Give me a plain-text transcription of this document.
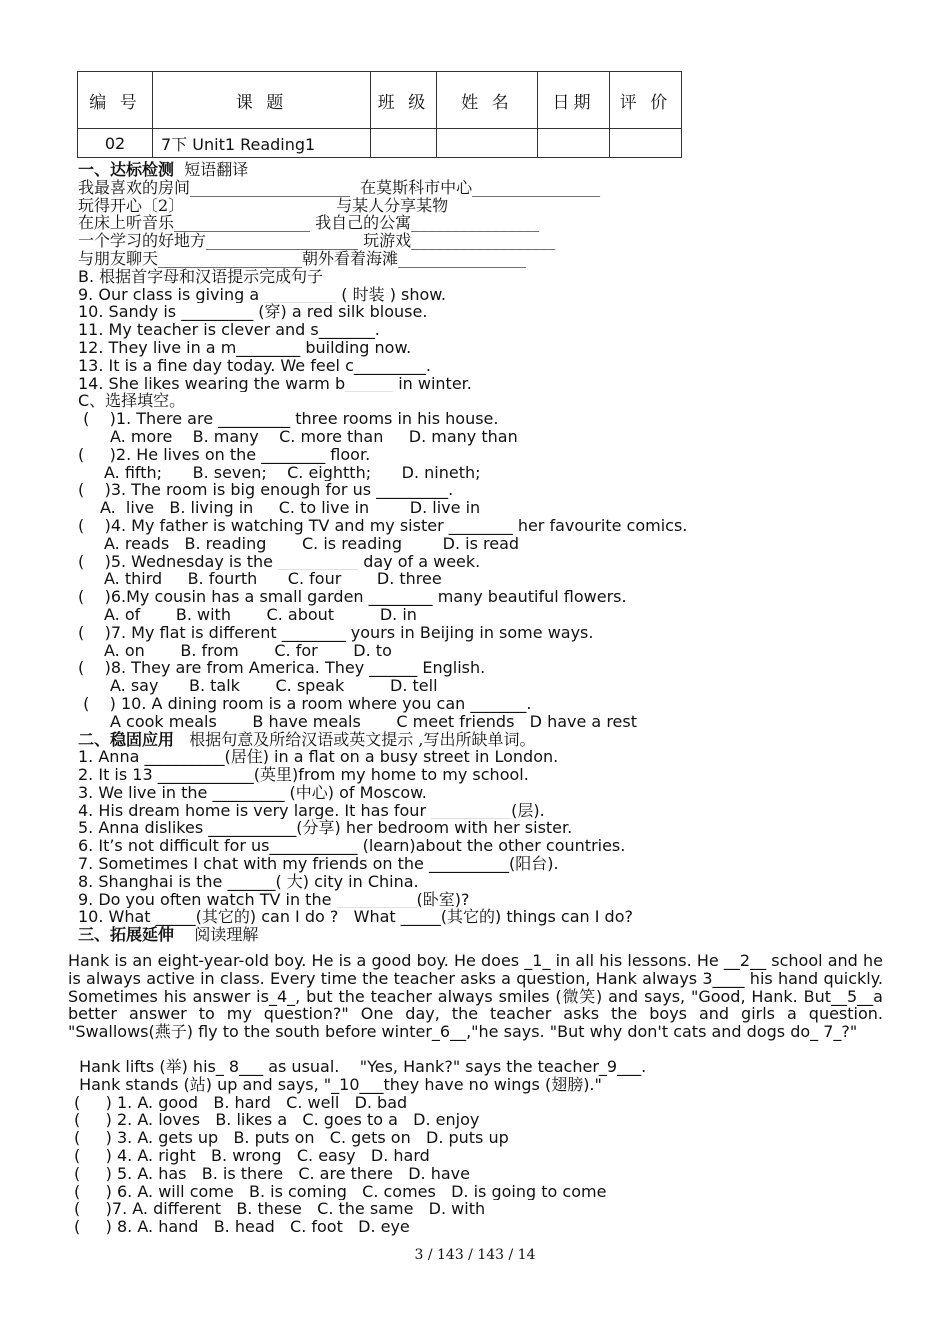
编 号	课 题	班 级	姓 名	日期	评 价
02	7下 Unit1 Reading1				
一、达标检测 短语翻译
我最喜欢的房间____________________  在莫斯科市中心________________
玩得开心〔2〕___________________与某人分享某物________________
在床上听音乐_________________ 我自己的公寓________________
一个学习的好地方___________________ 玩游戏__________________
与朋友聊天__________________朝外看着海滩________________
B. 根据首字母和汉语提示完成句子
9. Our class is giving a _________ ( 时装 ) show.
10. Sandy is _________ (穿) a red silk blouse.
11. My teacher is clever and s_______.
12. They live in a m________ building now.
13. It is a fine day today. We feel c_________.
14. She likes wearing the warm b______ in winter.
C、选择填空。
(    )1. There are _________ three rooms in his house.
A. more    B. many    C. more than     D. many than
(     )2. He lives on the ________ floor.
A. fifth;      B. seven;    C. eightth;      D. nineth;
(    )3. The room is big enough for us _________.
A.  live   B. living in     C. to live in        D. live in
(    )4. My father is watching TV and my sister ________ her favourite comics.
A. reads   B. reading       C. is reading        D. is read
(    )5. Wednesday is the __________ day of a week.
A. third     B. fourth      C. four       D. three
(    )6.My cousin has a small garden ________ many beautiful flowers.
A. of       B. with       C. about         D. in
(    )7. My flat is different ________ yours in Beijing in some ways.
A. on       B. from       C. for       D. to
(    )8. They are from America. They ______ English.
A. say      B. talk       C. speak         D. tell
(    ) 10. A dining room is a room where you can _______.
A cook meals       B have meals       C meet friends   D have a rest
二、稳固应用 根据句意及所给汉语或英文提示 ,写出所缺单词。
1. Anna __________(居住) in a flat on a busy street in London.
2. It is 13 ____________(英里)from my home to my school.
3. We live in the _________ (中心) of Moscow.
4. His dream home is very large. It has four __________(层).
5. Anna dislikes ___________(分享) her bedroom with her sister.
6. It’s not difficult for us___________ (learn)about the other countries.
7. Sometimes I chat with my friends on the __________(阳台).
8. Shanghai is the ______( 大) city in China.
9. Do you often watch TV in the __________(卧室)?
10. What _____(其它的) can I do ?   What _____(其它的) things can I do?
三、拓展延伸 阅读理解
Hank is an eight-year-old boy. He is a good boy. He does _1_ in all his lessons. He __2__ school and he is always active in class. Every time the teacher asks a question, Hank always 3____ his hand quickly. Sometimes his answer is_4_, but the teacher always smiles (微笑) and says, "Good, Hank. But__5__a better answer to my question?" One day, the teacher asks the boys and girls a question. "Swallows(燕子) fly to the south before winter_6__,"he says. "But why don't cats and dogs do_ 7_?"
Hank lifts (举) his_ 8___ as usual.    "Yes, Hank?" says the teacher_9___.
Hank stands (站) up and says, "_10___they have no wings (翅膀)."
(     ) 1. A. good   B. hard   C. well   D. bad
(     ) 2. A. loves   B. likes a   C. goes to a   D. enjoy
(     ) 3. A. gets up   B. puts on   C. gets on   D. puts up
(     ) 4. A. right   B. wrong   C. easy   D. hard
(     ) 5. A. has   B. is there   C. are there   D. have
(     ) 6. A. will come   B. is coming   C. comes   D. is going to come
(     )7. A. different   B. these   C. the same   D. with
(     ) 8. A. hand   B. head   C. foot   D. eye
3 / 143 / 143 / 14
